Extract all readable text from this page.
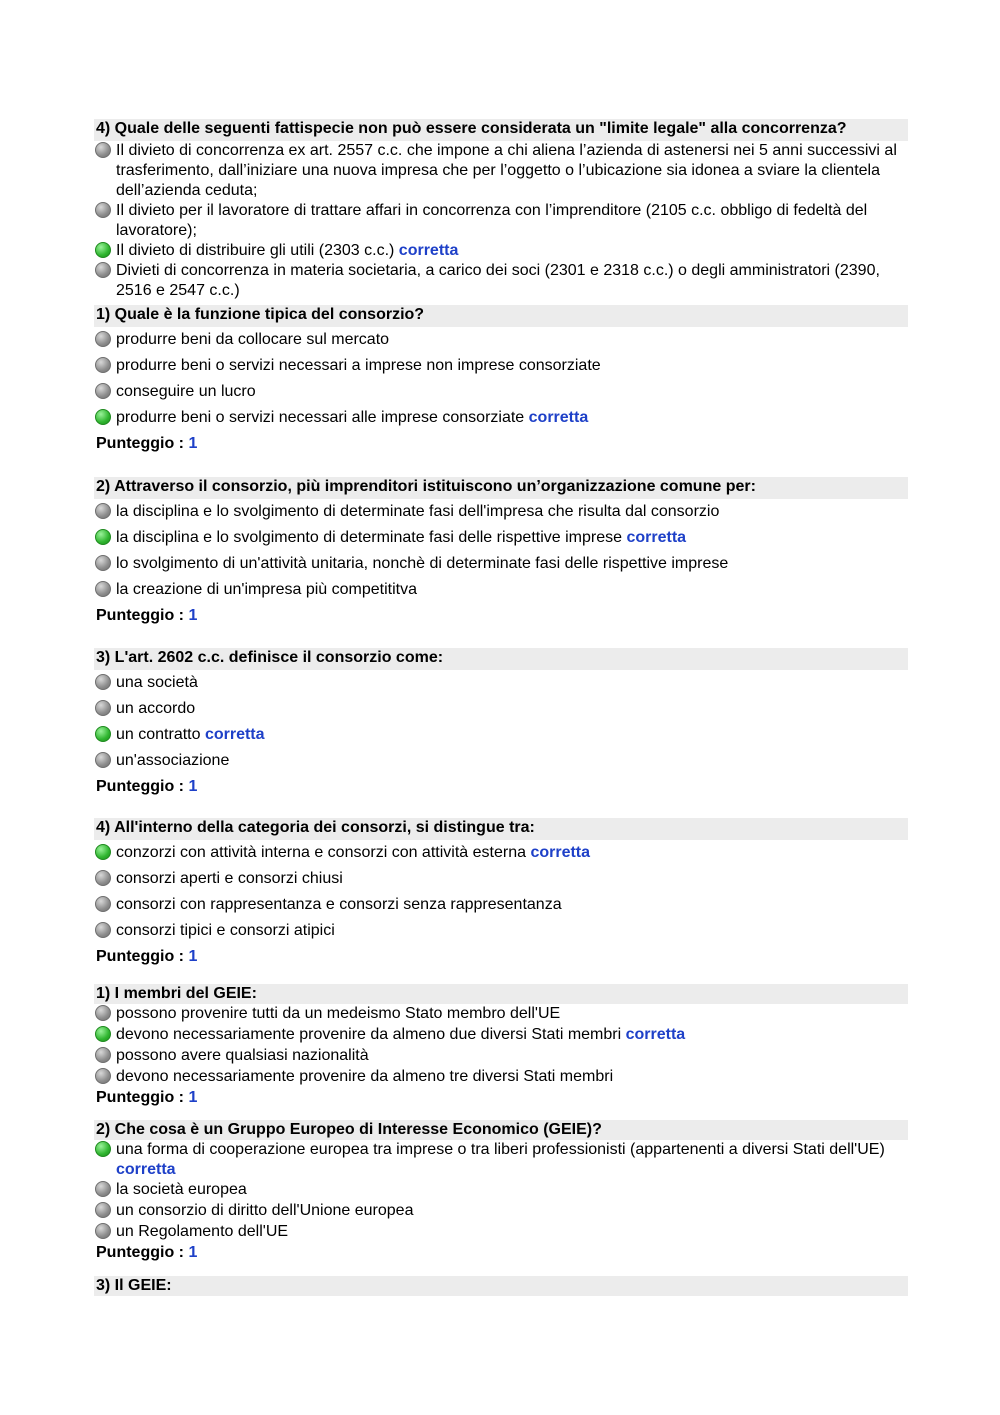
4) Quale delle seguenti fattispecie non può essere considerata un "limite legale" alla concorrenza?
Il divieto di concorrenza ex art. 2557 c.c. che impone a chi aliena l’azienda di astenersi nei 5 anni successivi al trasferimento, dall’iniziare una nuova impresa che per l’oggetto o l’ubicazione sia idonea a sviare la clientela dell’azienda ceduta;
Il divieto per il lavoratore di trattare affari in concorrenza con l’imprenditore (2105 c.c. obbligo di fedeltà del lavoratore);
Il divieto di distribuire gli utili (2303 c.c.) corretta
Divieti di concorrenza in materia societaria, a carico dei soci (2301 e 2318 c.c.) o degli amministratori (2390, 2516 e 2547 c.c.)
1) Quale è la funzione tipica del consorzio?
produrre beni da collocare sul mercato
produrre beni o servizi necessari a imprese non imprese consorziate
conseguire un lucro
produrre beni o servizi necessari alle imprese consorziate corretta
Punteggio : 1
2) Attraverso il consorzio, più imprenditori istituiscono un’organizzazione comune per:
la disciplina e lo svolgimento di determinate fasi dell'impresa che risulta dal consorzio
la disciplina e lo svolgimento di determinate fasi delle rispettive imprese corretta
lo svolgimento di un'attività unitaria, nonchè di determinate fasi delle rispettive imprese
la creazione di un'impresa più competititva
Punteggio : 1
3) L'art. 2602 c.c. definisce il consorzio come:
una società
un accordo
un contratto corretta
un'associazione
Punteggio : 1
4) All'interno della categoria dei consorzi, si distingue tra:
conzorzi con attività interna e consorzi con attività esterna corretta
consorzi aperti e consorzi chiusi
consorzi con rappresentanza e consorzi senza rappresentanza
consorzi tipici e consorzi atipici
Punteggio : 1
1) I membri del GEIE:
possono provenire tutti da un medeismo Stato membro dell'UE
devono necessariamente provenire da almeno due diversi Stati membri corretta
possono avere qualsiasi nazionalità
devono necessariamente provenire da almeno tre diversi Stati membri
Punteggio : 1
2) Che cosa è un Gruppo Europeo di Interesse Economico (GEIE)?
una forma di cooperazione europea tra imprese o tra liberi professionisti (appartenenti a diversi Stati dell'UE) corretta
la società europea
un consorzio di diritto dell'Unione europea
un Regolamento dell'UE
Punteggio : 1
3) Il GEIE:
